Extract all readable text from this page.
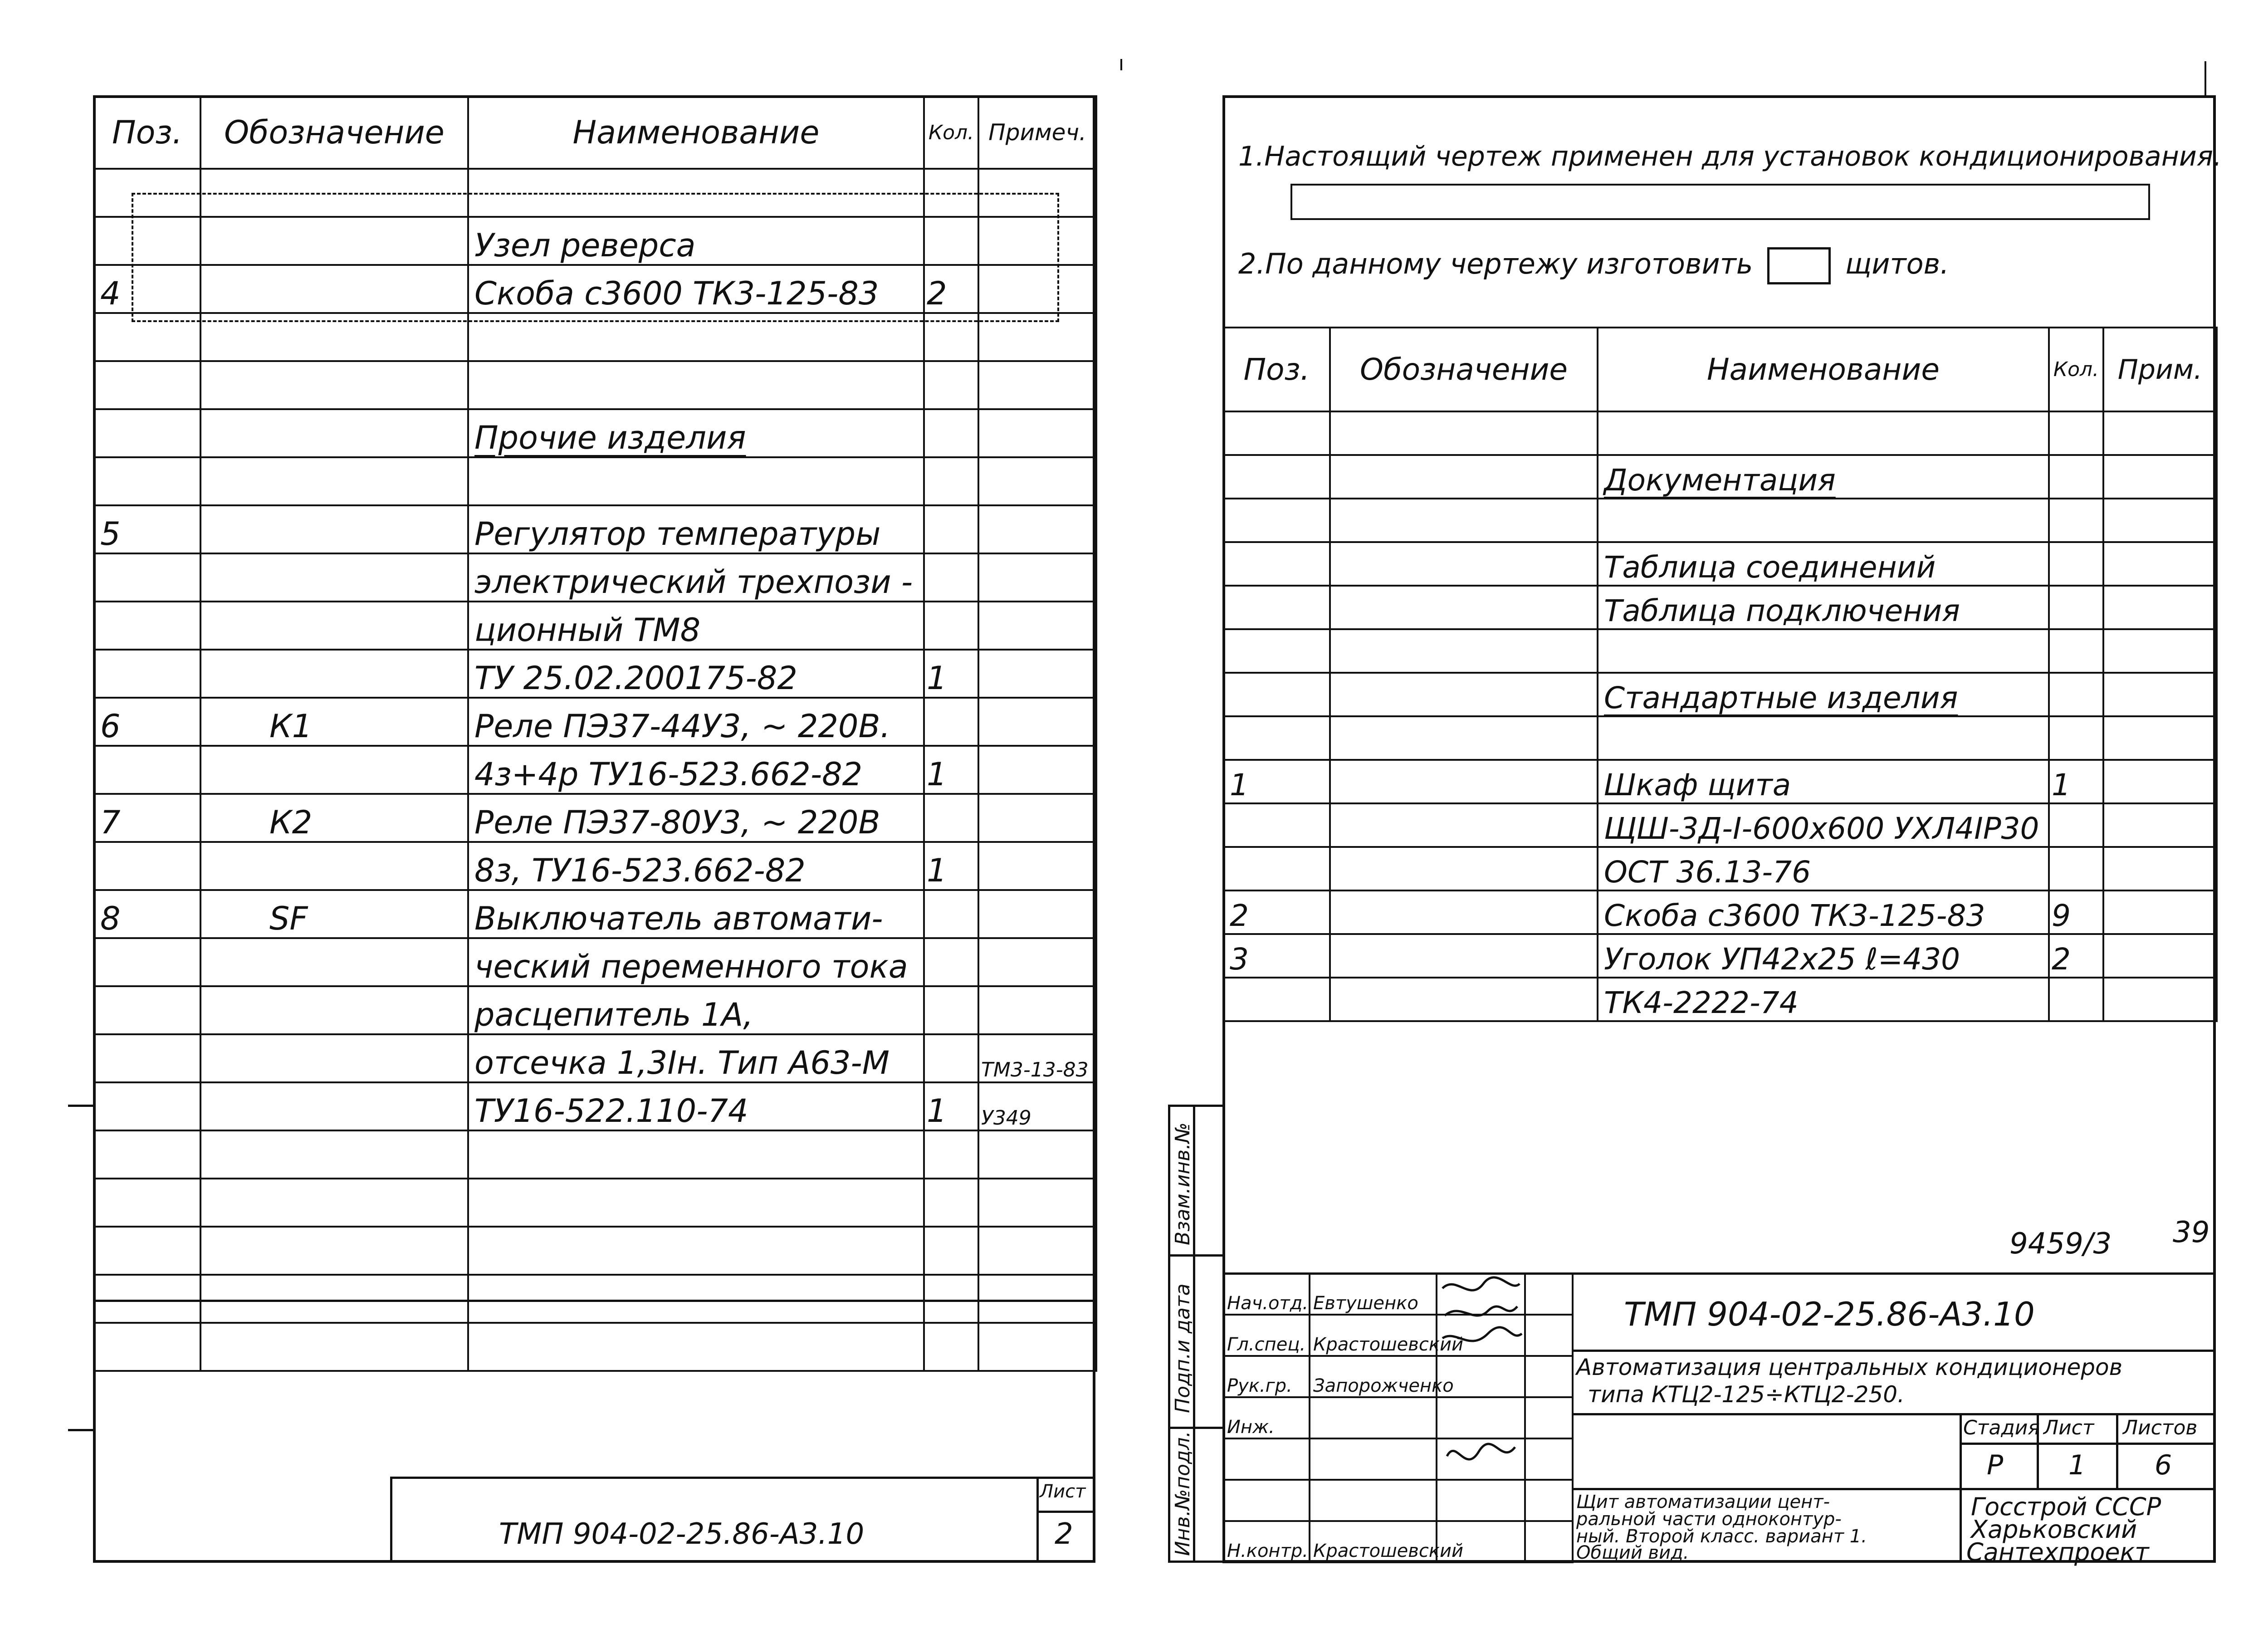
Поз.	Обозначение	Наименование	Кол.	Примеч.

		Узел реверса		
4		Скоба с3600 ТК3-125-83	2	

		Прочие изделия		

5		Регулятор температуры		
		электрический трехпози -		
		ционный ТМ8		
		ТУ 25.02.200175-82	1	
6	К1	Реле ПЭ37-44У3, ~ 220В.		
		4з+4р ТУ16-523.662-82	1	
7	К2	Реле ПЭ37-80У3, ~ 220В		
		8з, ТУ16-523.662-82	1	
8	SF	Выключатель автомати-		
		ческий переменного тока		
		расцепитель 1А,		
		отсечка 1,3Iн. Тип А63-М		ТМ3-13-83
		ТУ16-522.110-74	1	У349

ТМП 904-02-25.86-А3.10
Лист
2
1.Настоящий чертеж применен для установок кондиционирования.
2.По данному чертежу изготовить	щитов.
Поз.	Обозначение	Наименование	Кол.	Прим.

		Документация		

		Таблица соединений		
		Таблица подключения		

		Стандартные изделия		

1		Шкаф щита	1	
		ЩШ-3Д-I-600х600 УХЛ4IP30		
		ОСТ 36.13-76		
2		Скоба с3600 ТК3-125-83	9	
3		Уголок УП42х25 ℓ=430	2	
		ТК4-2222-74		
9459/3 39
Взам.инв.№
Подп.и дата
Инв.№подл.
Нач.отд.	Евтушенко		
Гл.спец.	Крастошевский		
Рук.гр.	Запорожченко		
Инж.			

Н.контр.	Крастошевский		
ТМП 904-02-25.86-А3.10
Автоматизация центральных кондиционеров
типа КТЦ2-125÷КТЦ2-250.
Стадия Лист Листов
Р 1	6
Щит автоматизации цент-
ральной части одноконтур-
ный. Второй класс. вариант 1.
Общий вид.
Госстрой СССР
Харьковский
Сантехпроект
